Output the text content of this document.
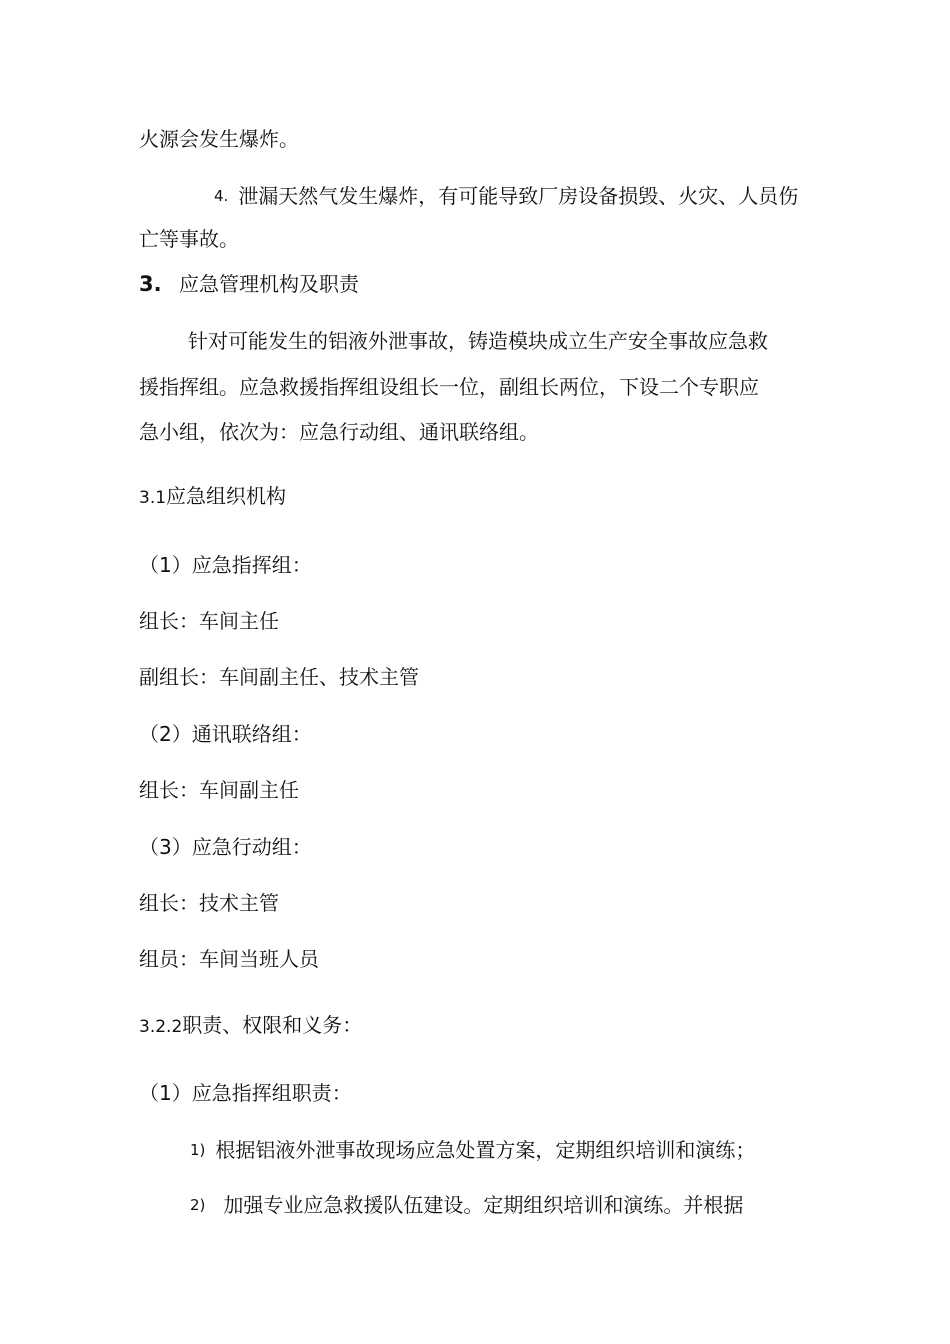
火源会发生爆炸。

4. 泄漏天然气发生爆炸，有可能导致厂房设备损毁、火灾、人员伤

亡等事故。

3. 应急管理机构及职责

针对可能发生的铝液外泄事故，铸造模块成立生产安全事故应急救

援指挥组。应急救援指挥组设组长一位，副组长两位，下设二个专职应

急小组，依次为：应急行动组、通讯联络组。

3.1应急组织机构

（1）应急指挥组：

组长：车间主任

副组长：车间副主任、技术主管

（2）通讯联络组：

组长：车间副主任

（3）应急行动组：

组长：技术主管

组员：车间当班人员

3.2.2职责、权限和义务：

（1）应急指挥组职责：

1) 根据铝液外泄事故现场应急处置方案，定期组织培训和演练；

2) 加强专业应急救援队伍建设。定期组织培训和演练。并根据
